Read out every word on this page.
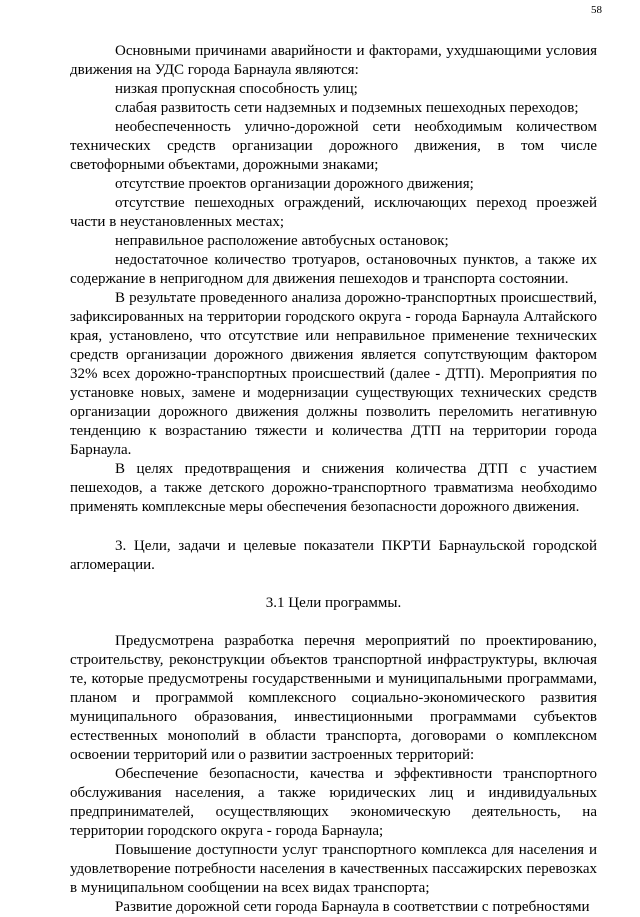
58

Основными причинами аварийности и факторами, ухудшающими условия движения на УДС города Барнаула являются:

низкая пропускная способность улиц;

слабая развитость сети надземных и подземных пешеходных переходов;

необеспеченность улично-дорожной сети необходимым количеством технических средств организации дорожного движения, в том числе светофорными объектами, дорожными знаками;

отсутствие проектов организации дорожного движения;

отсутствие пешеходных ограждений, исключающих переход проезжей части в неустановленных местах;

неправильное расположение автобусных остановок;

недостаточное количество тротуаров, остановочных пунктов, а также их содержание в непригодном для движения пешеходов и транспорта состоянии.

В результате проведенного анализа дорожно-транспортных происшествий, зафиксированных на территории городского округа - города Барнаула Алтайского края, установлено, что отсутствие или неправильное применение технических средств организации дорожного движения является сопутствующим фактором 32% всех дорожно-транспортных происшествий (далее - ДТП). Мероприятия по установке новых, замене и модернизации существующих технических средств организации дорожного движения должны позволить переломить негативную тенденцию к возрастанию тяжести и количества ДТП на территории города Барнаула.

В целях предотвращения и снижения количества ДТП с участием пешеходов, а также детского дорожно-транспортного травматизма необходимо применять комплексные меры обеспечения безопасности дорожного движения.

3. Цели, задачи и целевые показатели ПКРТИ Барнаульской городской агломерации.

3.1 Цели программы.

Предусмотрена разработка перечня мероприятий по проектированию, строительству, реконструкции объектов транспортной инфраструктуры, включая те, которые предусмотрены государственными и муниципальными программами, планом и программой комплексного социально-экономического развития муниципального образования, инвестиционными программами субъектов естественных монополий в области транспорта, договорами о комплексном освоении территорий или о развитии застроенных территорий:

Обеспечение безопасности, качества и эффективности транспортного обслуживания населения, а также юридических лиц и индивидуальных предпринимателей, осуществляющих экономическую деятельность, на территории городского округа - города Барнаула;

Повышение доступности услуг транспортного комплекса для населения и удовлетворение потребности населения в качественных пассажирских перевозках в муниципальном сообщении на всех видах транспорта;

Развитие дорожной сети города Барнаула в соответствии с потребностями
